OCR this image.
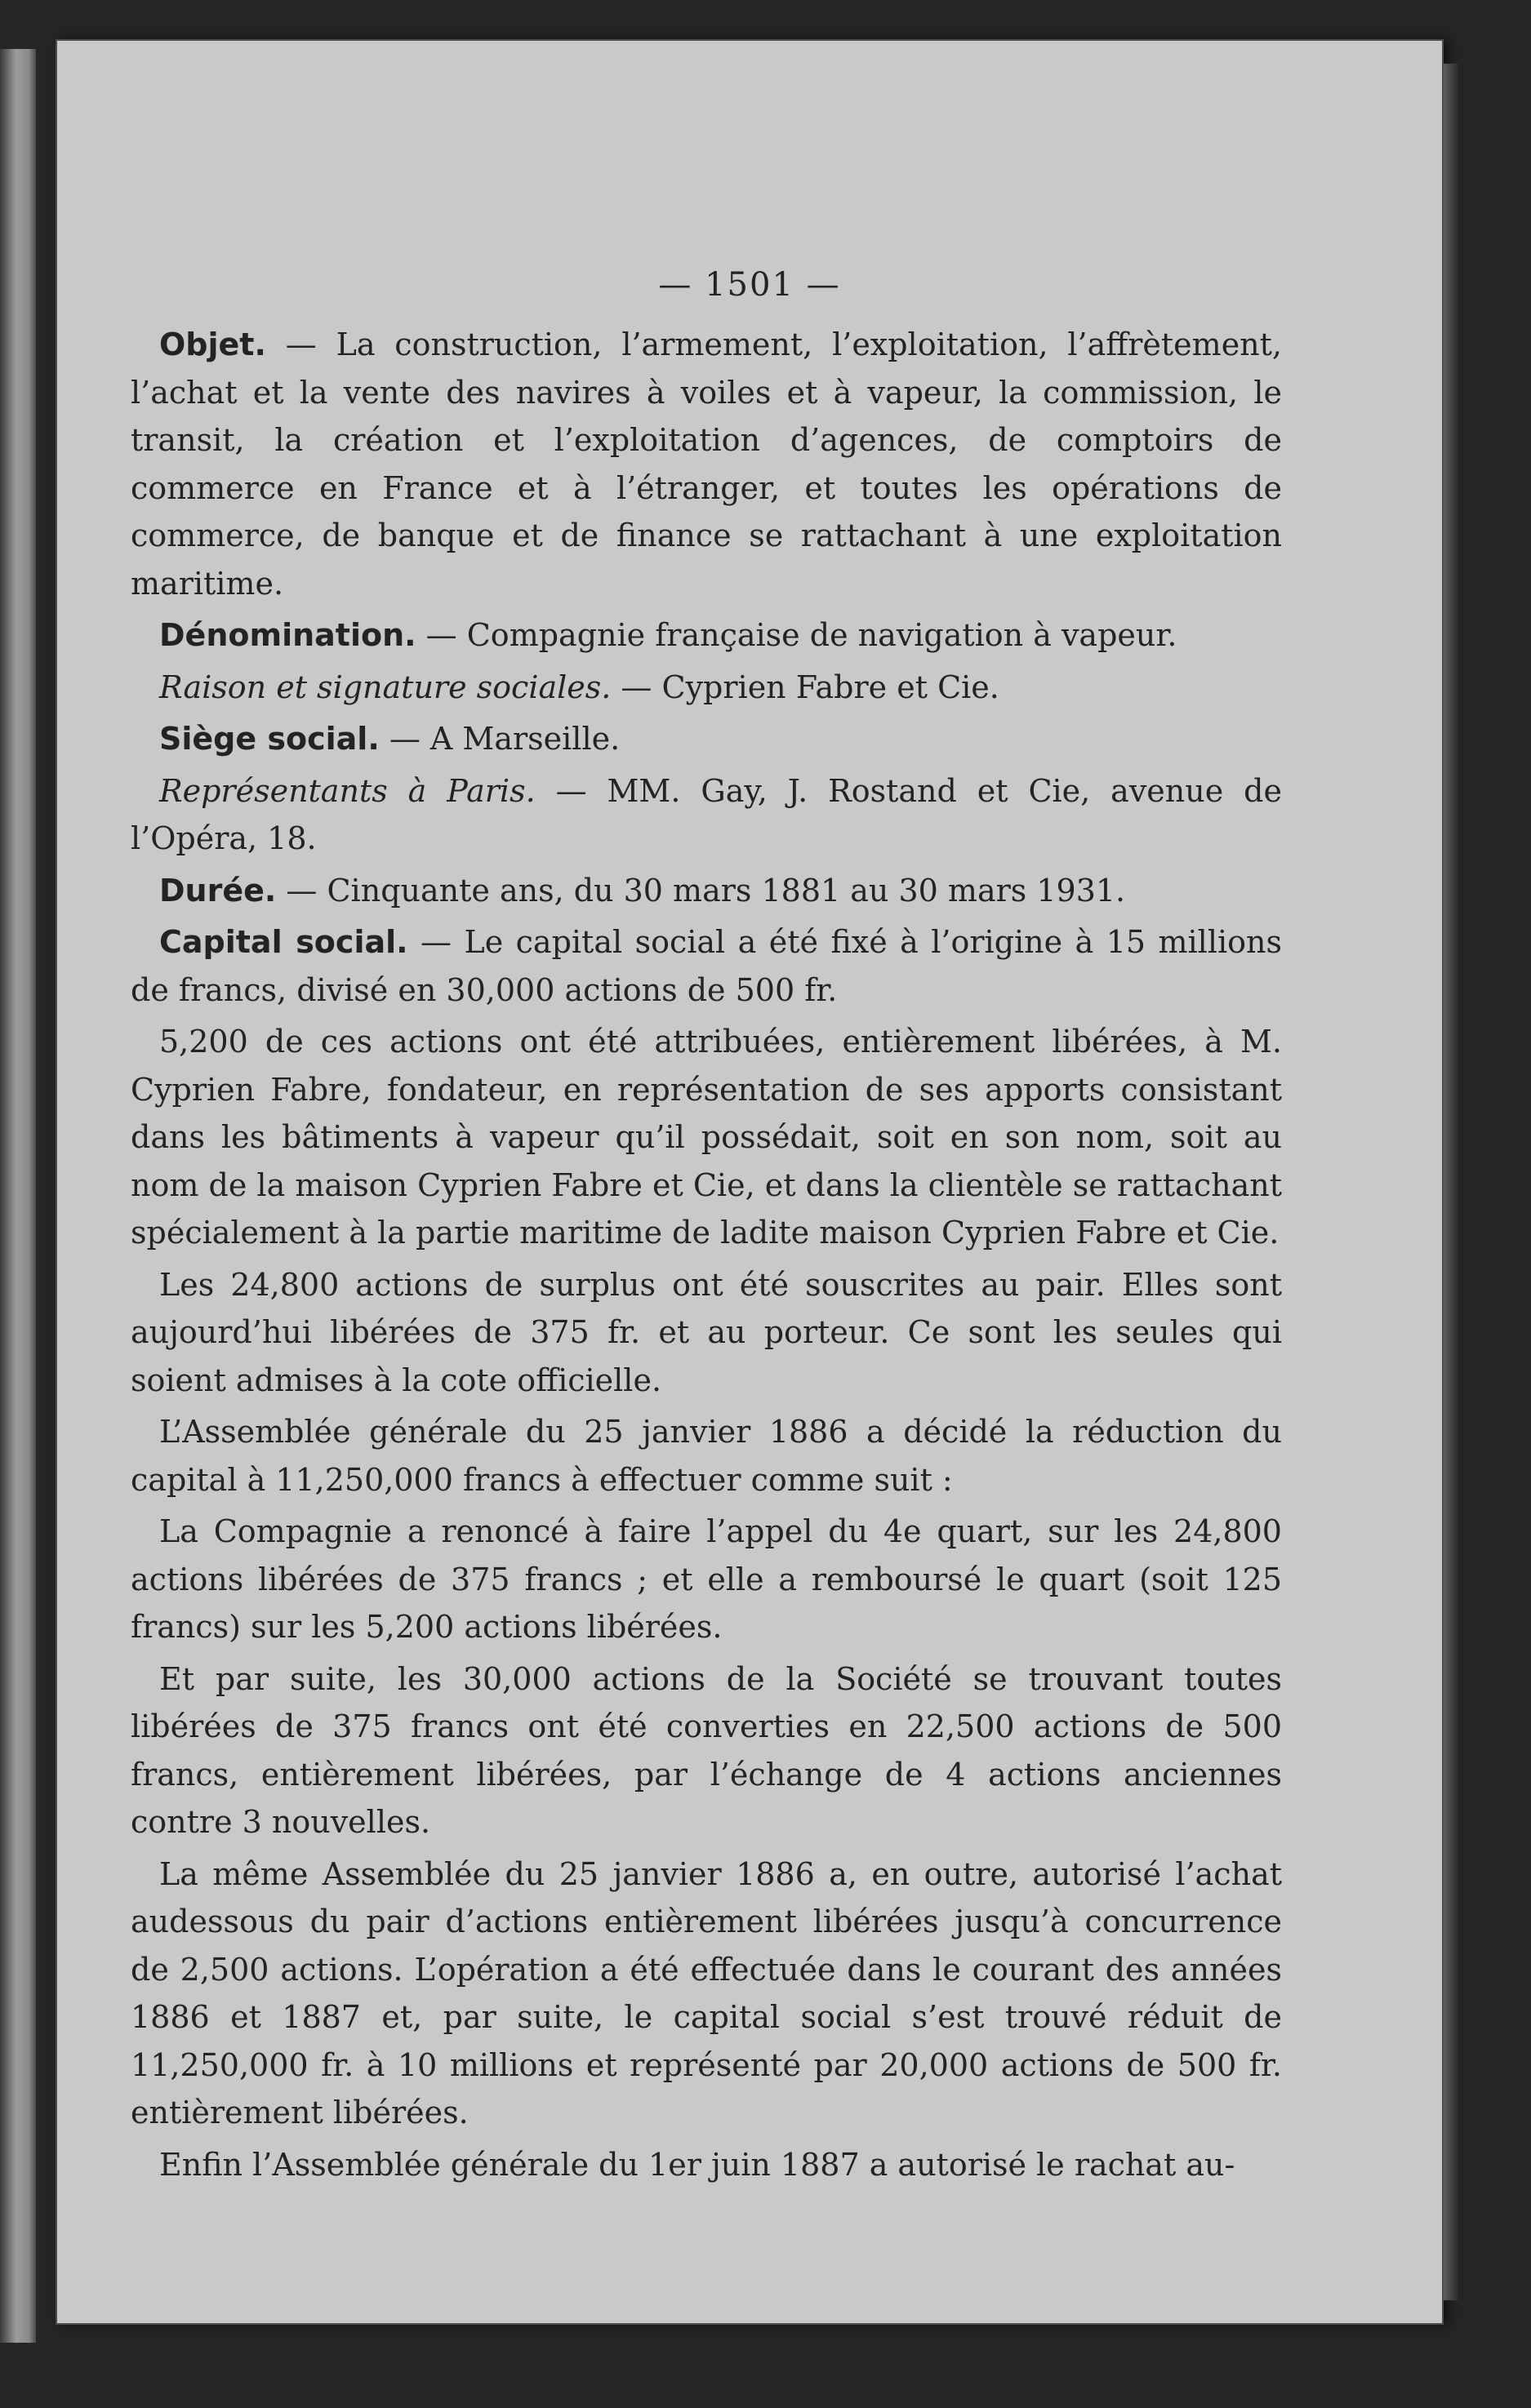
— 1501 —

Objet. — La construction, l’armement, l’exploitation, l’affrètement, l’achat et la vente des navires à voiles et à vapeur, la commission, le transit, la création et l’exploitation d’agences, de comptoirs de commerce en France et à l’étranger, et toutes les opérations de commerce, de banque et de finance se rattachant à une exploitation maritime.

Dénomination. — Compagnie française de navigation à vapeur.

Raison et signature sociales. — Cyprien Fabre et Cie.

Siège social. — A Marseille.

Représentants à Paris. — MM. Gay, J. Rostand et Cie, avenue de l’Opéra, 18.

Durée. — Cinquante ans, du 30 mars 1881 au 30 mars 1931.

Capital social. — Le capital social a été fixé à l’origine à 15 millions de francs, divisé en 30,000 actions de 500 fr.

5,200 de ces actions ont été attribuées, entièrement libérées, à M. Cyprien Fabre, fondateur, en représentation de ses apports consistant dans les bâtiments à vapeur qu’il possédait, soit en son nom, soit au nom de la maison Cyprien Fabre et Cie, et dans la clientèle se rattachant spécialement à la partie maritime de ladite maison Cyprien Fabre et Cie.

Les 24,800 actions de surplus ont été souscrites au pair. Elles sont aujourd’hui libérées de 375 fr. et au porteur. Ce sont les seules qui soient admises à la cote officielle.

L’Assemblée générale du 25 janvier 1886 a décidé la réduction du capital à 11,250,000 francs à effectuer comme suit :

La Compagnie a renoncé à faire l’appel du 4e quart, sur les 24,800 actions libérées de 375 francs ; et elle a remboursé le quart (soit 125 francs) sur les 5,200 actions libérées.

Et par suite, les 30,000 actions de la Société se trouvant toutes libérées de 375 francs ont été converties en 22,500 actions de 500 francs, entièrement libérées, par l’échange de 4 actions anciennes contre 3 nouvelles.

La même Assemblée du 25 janvier 1886 a, en outre, autorisé l’achat audessous du pair d’actions entièrement libérées jusqu’à concurrence de 2,500 actions. L’opération a été effectuée dans le courant des années 1886 et 1887 et, par suite, le capital social s’est trouvé réduit de 11,250,000 fr. à 10 millions et représenté par 20,000 actions de 500 fr. entièrement libérées.

Enfin l’Assemblée générale du 1er juin 1887 a autorisé le rachat au-
